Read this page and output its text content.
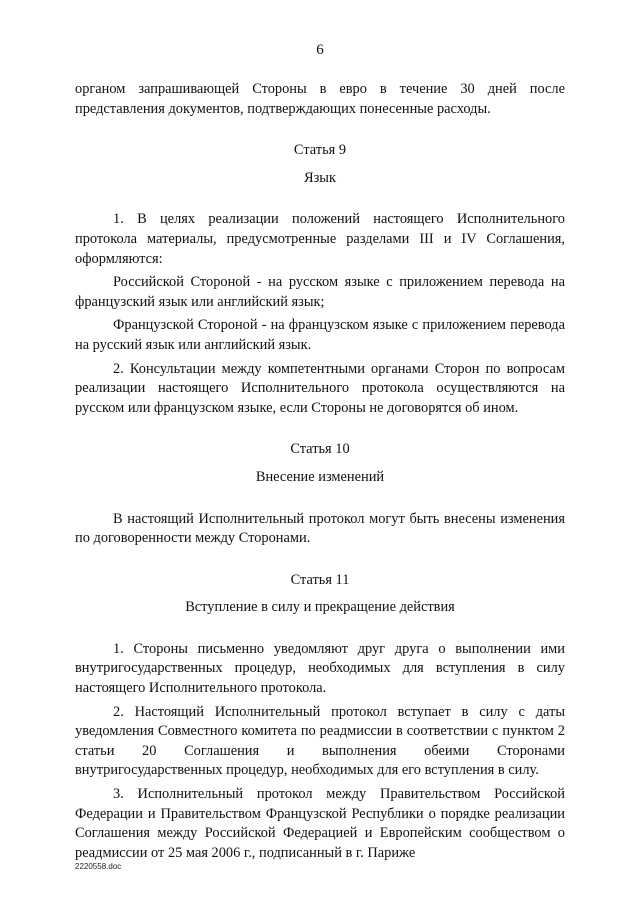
6

органом запрашивающей Стороны в евро в течение 30 дней после представления документов, подтверждающих понесенные расходы.

Статья 9

Язык

1. В целях реализации положений настоящего Исполнительного протокола материалы, предусмотренные разделами III и IV Соглашения, оформляются:

Российской Стороной - на русском языке с приложением перевода на французский язык или английский язык;

Французской Стороной - на французском языке с приложением перевода на русский язык или английский язык.

2. Консультации между компетентными органами Сторон по вопросам реализации настоящего Исполнительного протокола осуществляются на русском или французском языке, если Стороны не договорятся об ином.

Статья 10

Внесение изменений

В настоящий Исполнительный протокол могут быть внесены изменения по договоренности между Сторонами.

Статья 11

Вступление в силу и прекращение действия

1. Стороны письменно уведомляют друг друга о выполнении ими внутригосударственных процедур, необходимых для вступления в силу настоящего Исполнительного протокола.

2. Настоящий Исполнительный протокол вступает в силу с даты уведомления Совместного комитета по реадмиссии в соответствии с пунктом 2 статьи 20 Соглашения и выполнения обеими Сторонами внутригосударственных процедур, необходимых для его вступления в силу.

3. Исполнительный протокол между Правительством Российской Федерации и Правительством Французской Республики о порядке реализации Соглашения между Российской Федерацией и Европейским сообществом о реадмиссии от 25 мая 2006 г., подписанный в г. Париже

2220558.doc
